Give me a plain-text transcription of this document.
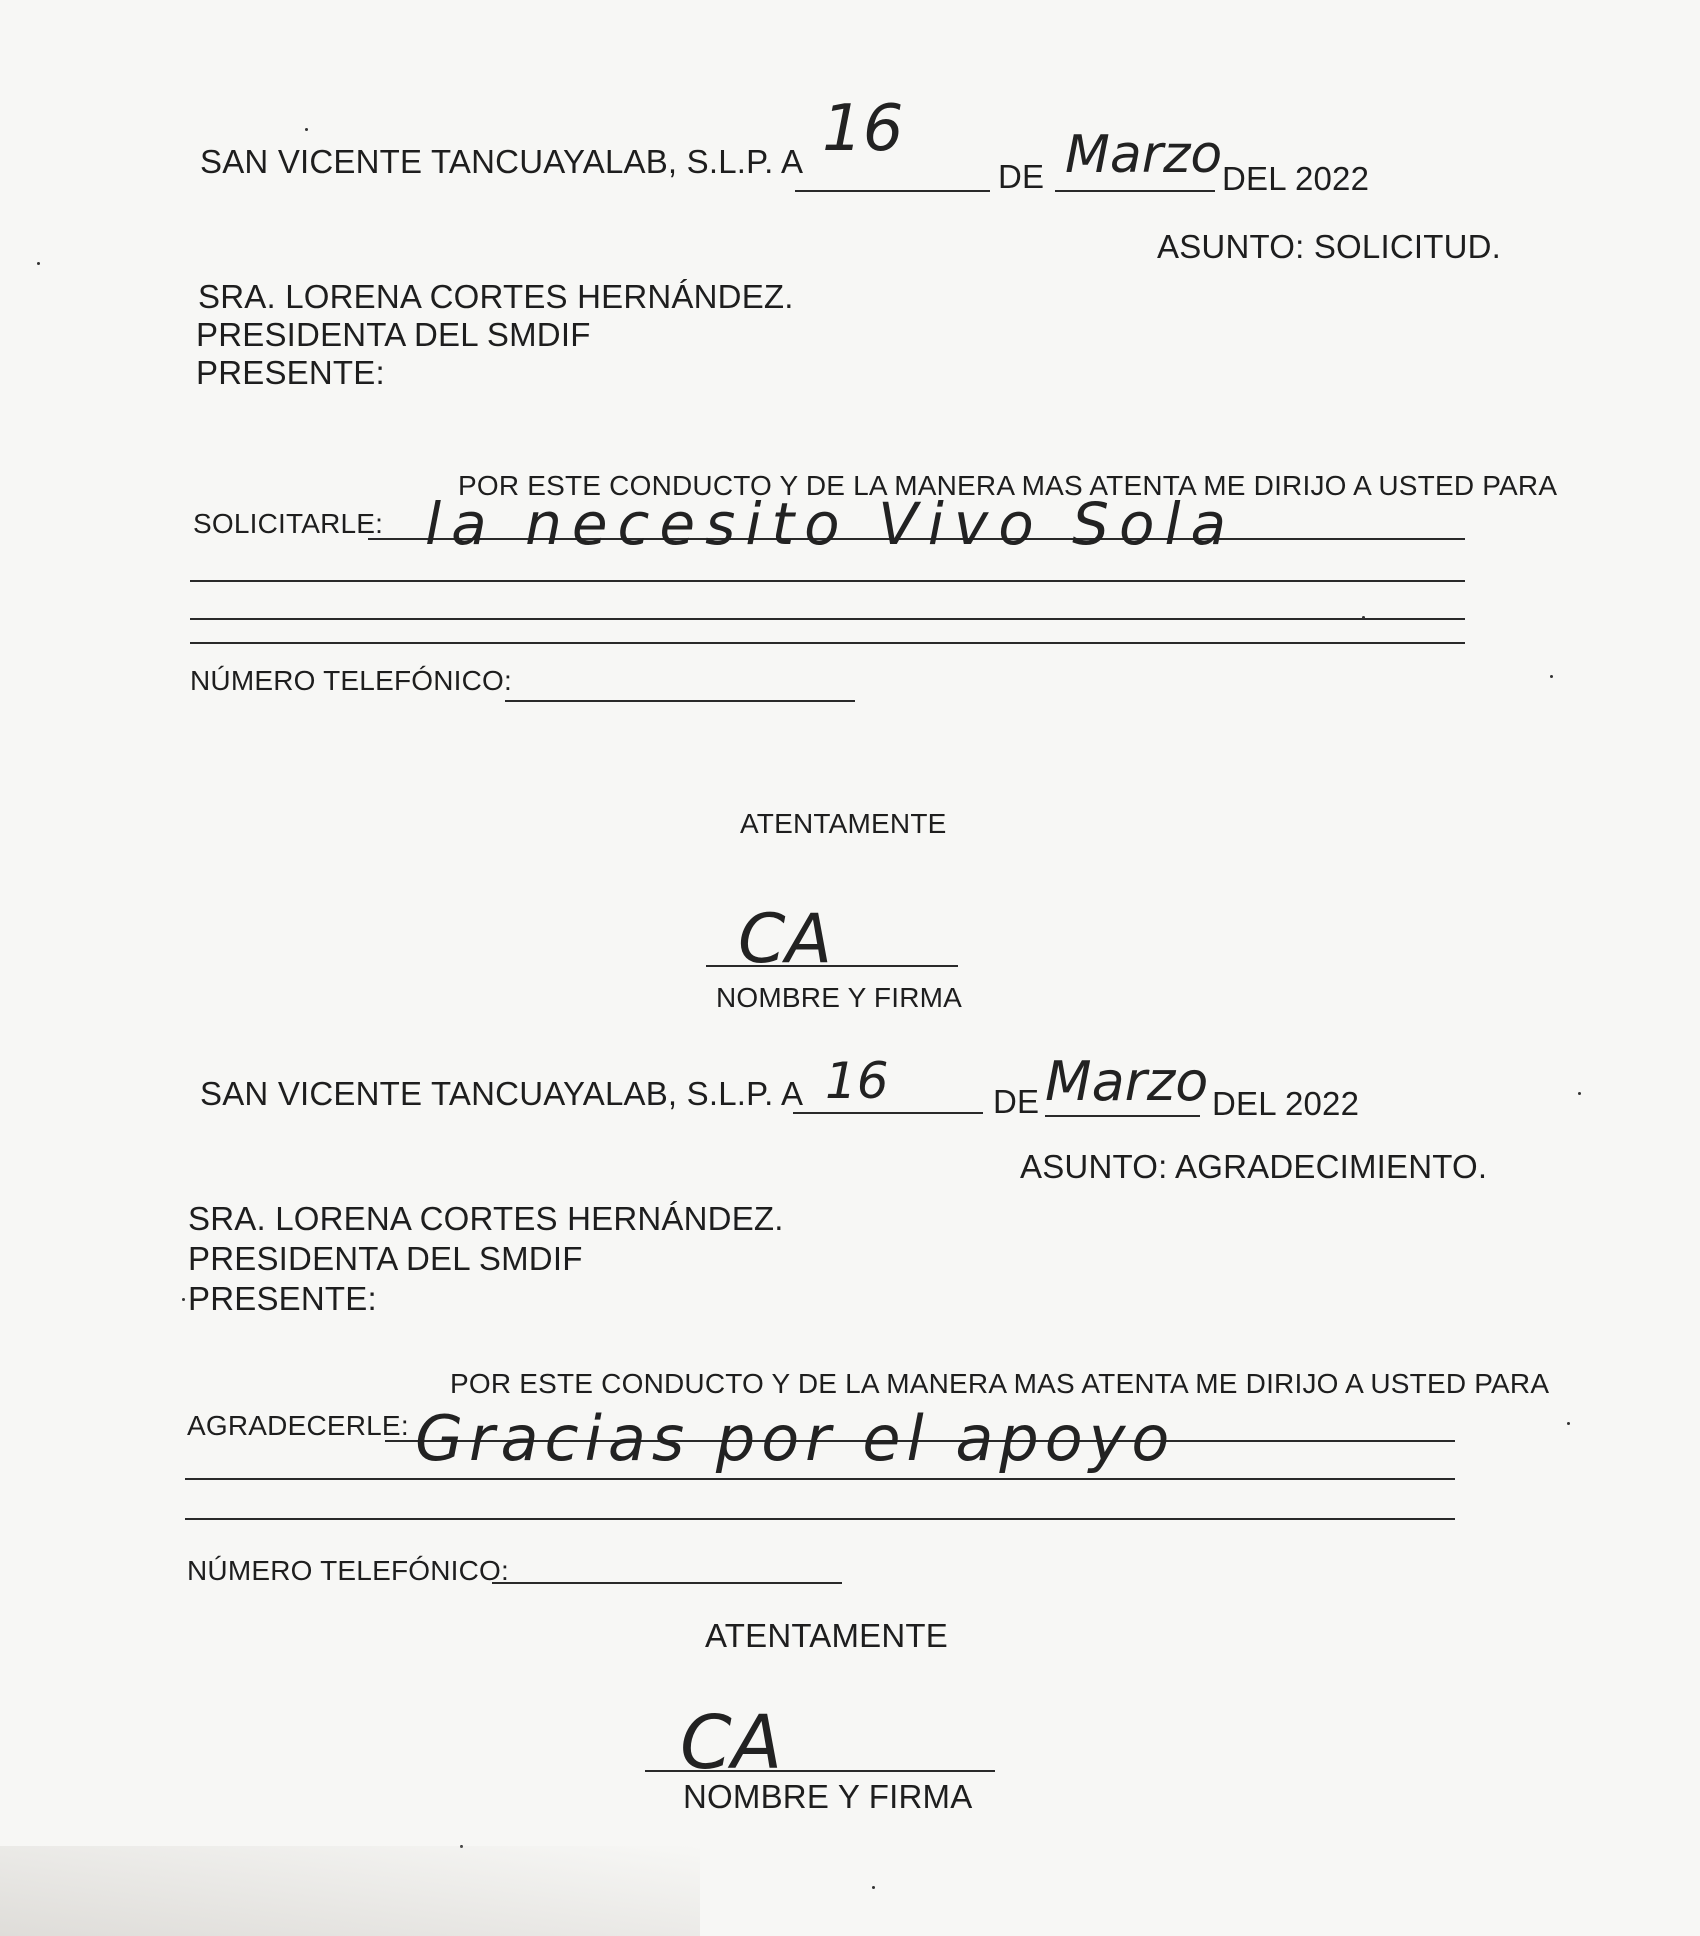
SAN VICENTE TANCUAYALAB, S.L.P. A 16
DE Marzo DEL 2022
ASUNTO: SOLICITUD.
SRA. LORENA CORTES HERNÁNDEZ.
PRESIDENTA DEL SMDIF
PRESENTE:
POR ESTE CONDUCTO Y DE LA MANERA MAS ATENTA ME DIRIJO A USTED PARA
SOLICITARLE: la necesito Vivo Sola
NÚMERO TELEFÓNICO:
ATENTAMENTE
CA
NOMBRE Y FIRMA
SAN VICENTE TANCUAYALAB, S.L.P. A 16	DE Marzo DEL 2022
ASUNTO: AGRADECIMIENTO.
SRA. LORENA CORTES HERNÁNDEZ.
PRESIDENTA DEL SMDIF
PRESENTE:
POR ESTE CONDUCTO Y DE LA MANERA MAS ATENTA ME DIRIJO A USTED PARA
AGRADECERLE: Gracias por el apoyo
NÚMERO TELEFÓNICO:
ATENTAMENTE
CA
NOMBRE Y FIRMA
